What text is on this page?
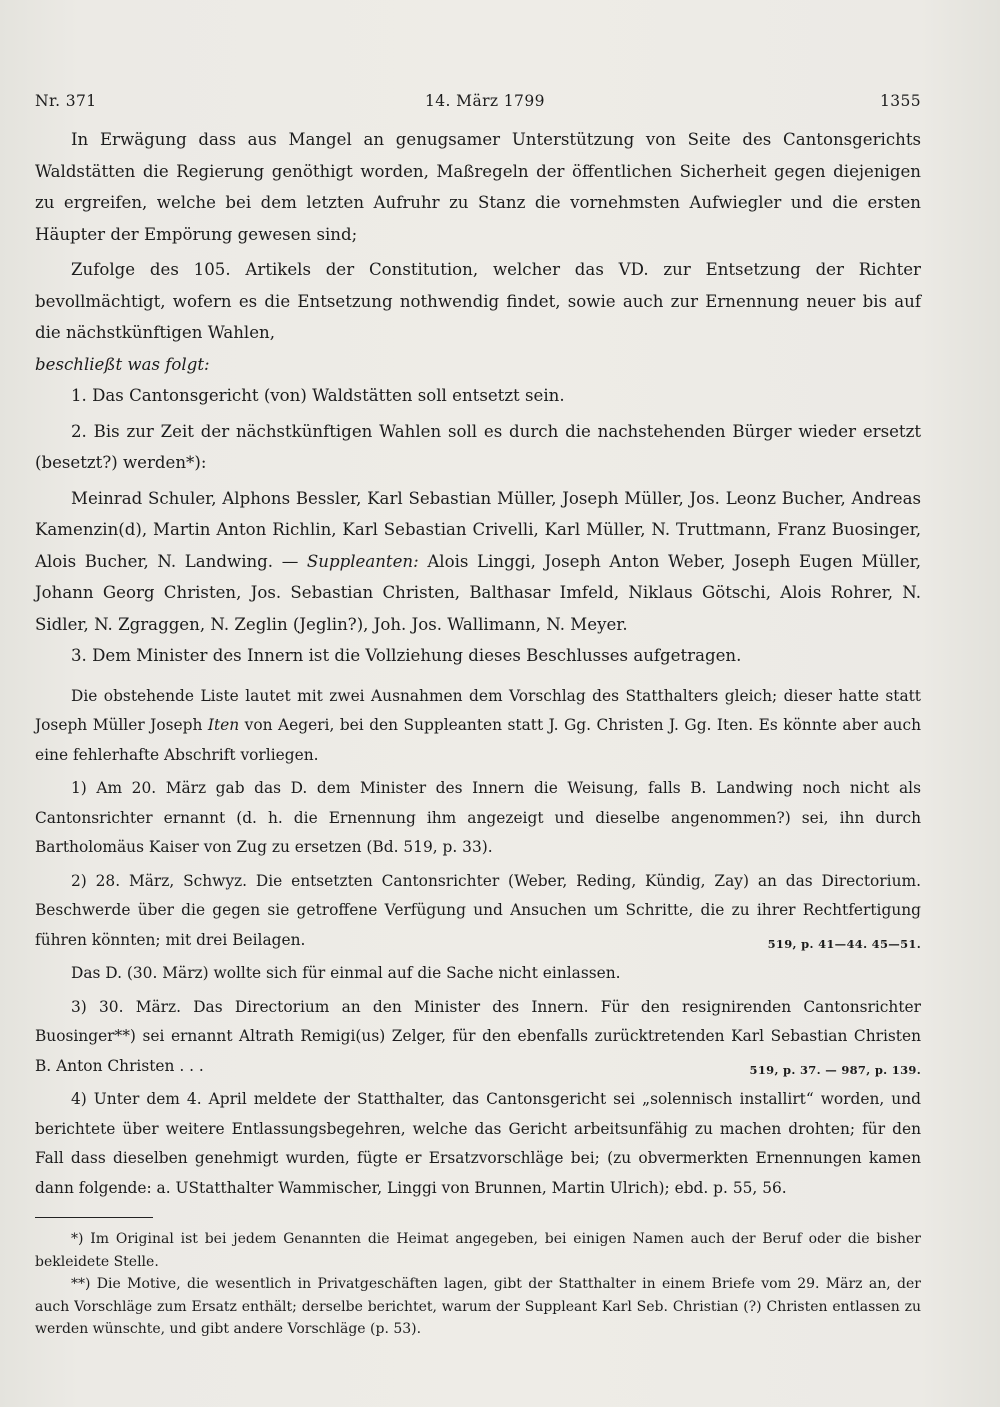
Nr. 371	14. März 1799	1355

In Erwägung dass aus Mangel an genugsamer Unterstützung von Seite des Cantonsgerichts Waldstätten die Regierung genöthigt worden, Maßregeln der öffentlichen Sicherheit gegen diejenigen zu ergreifen, welche bei dem letzten Aufruhr zu Stanz die vornehmsten Aufwiegler und die ersten Häupter der Empörung gewesen sind;

Zufolge des 105. Artikels der Constitution, welcher das VD. zur Entsetzung der Richter bevollmächtigt, wofern es die Entsetzung nothwendig findet, sowie auch zur Ernennung neuer bis auf die nächstkünftigen Wahlen,

beschließt was folgt:

1. Das Cantonsgericht (von) Waldstätten soll entsetzt sein.

2. Bis zur Zeit der nächstkünftigen Wahlen soll es durch die nachstehenden Bürger wieder ersetzt (besetzt?) werden*):

Meinrad Schuler, Alphons Bessler, Karl Sebastian Müller, Joseph Müller, Jos. Leonz Bucher, Andreas Kamenzin(d), Martin Anton Richlin, Karl Sebastian Crivelli, Karl Müller, N. Truttmann, Franz Buosinger, Alois Bucher, N. Landwing. — Suppleanten: Alois Linggi, Joseph Anton Weber, Joseph Eugen Müller, Johann Georg Christen, Jos. Sebastian Christen, Balthasar Imfeld, Niklaus Götschi, Alois Rohrer, N. Sidler, N. Zgraggen, N. Zeglin (Jeglin?), Joh. Jos. Wallimann, N. Meyer.

3. Dem Minister des Innern ist die Vollziehung dieses Beschlusses aufgetragen.

Die obstehende Liste lautet mit zwei Ausnahmen dem Vorschlag des Statthalters gleich; dieser hatte statt Joseph Müller Joseph Iten von Aegeri, bei den Suppleanten statt J. Gg. Christen J. Gg. Iten. Es könnte aber auch eine fehlerhafte Abschrift vorliegen.

1) Am 20. März gab das D. dem Minister des Innern die Weisung, falls B. Landwing noch nicht als Cantonsrichter ernannt (d. h. die Ernennung ihm angezeigt und dieselbe angenommen?) sei, ihn durch Bartholomäus Kaiser von Zug zu ersetzen (Bd. 519, p. 33).

2) 28. März, Schwyz. Die entsetzten Cantonsrichter (Weber, Reding, Kündig, Zay) an das Directorium. Beschwerde über die gegen sie getroffene Verfügung und Ansuchen um Schritte, die zu ihrer Rechtfertigung führen könnten; mit drei Beilagen.	519, p. 41—44. 45—51.

Das D. (30. März) wollte sich für einmal auf die Sache nicht einlassen.

3) 30. März. Das Directorium an den Minister des Innern. Für den resignirenden Cantonsrichter Buosinger**) sei ernannt Altrath Remigi(us) Zelger, für den ebenfalls zurücktretenden Karl Sebastian Christen B. Anton Christen . . .	519, p. 37. — 987, p. 139.

4) Unter dem 4. April meldete der Statthalter, das Cantonsgericht sei „solennisch installirt“ worden, und berichtete über weitere Entlassungsbegehren, welche das Gericht arbeitsunfähig zu machen drohten; für den Fall dass dieselben genehmigt wurden, fügte er Ersatzvorschläge bei; (zu obvermerkten Ernennungen kamen dann folgende: a. UStatthalter Wammischer, Linggi von Brunnen, Martin Ulrich); ebd. p. 55, 56.

*) Im Original ist bei jedem Genannten die Heimat angegeben, bei einigen Namen auch der Beruf oder die bisher bekleidete Stelle.

**) Die Motive, die wesentlich in Privatgeschäften lagen, gibt der Statthalter in einem Briefe vom 29. März an, der auch Vorschläge zum Ersatz enthält; derselbe berichtet, warum der Suppleant Karl Seb. Christian (?) Christen entlassen zu werden wünschte, und gibt andere Vorschläge (p. 53).
